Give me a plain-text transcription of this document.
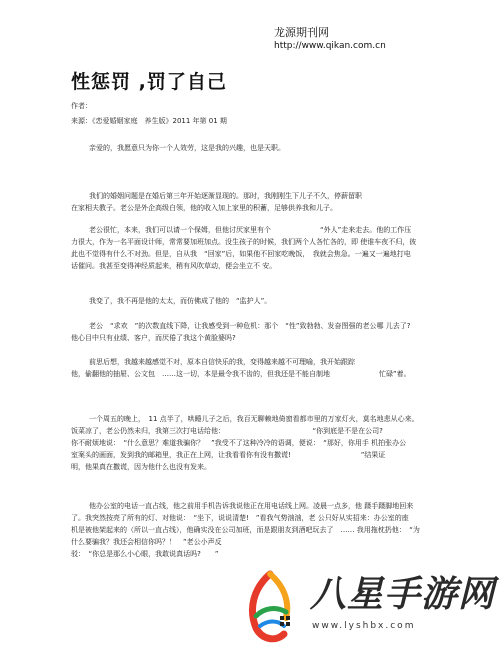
龙源期刊网
http://www.qikan.com.cn
性惩罚 ,罚了自己
作者：
来源：《恋爱婚姻家庭　养生版》2011 年第 01 期
亲爱的，我愿意只为你一个人效劳，这是我的兴趣，也是天职。
我们的婚姻问题是在婚后第三年开始逐渐显现的。那时，我刚刚生下儿子不久，停薪留职
在家相夫教子。老公是外企高级白领，他的收入加上家里的积蓄，足够供养我和儿子。
老公很忙，本来，我们可以请一个保姆，但他讨厌家里有个　　　　　　　“外人”走来走去。他的工作压
力很大，作为一名平面设计师，常常要加班加点。没生孩子的时候，我们两个人各忙各的，即 使谁车夜不归，彼
此也不觉得有什么不对劲。但是，自从我　“回家”后，如果他不回家吃晚饭，　我就会焦急。一遍又一遍地打电
话催问。我甚至变得神经质起来，稍有风吹草动，便会坐立不 安。
我变了，我不再是他的太太，而仿佛成了他的　“监护人”。
老公　“求欢　”的次数直线下降，让我感受到一种危机：那个　“性”致勃勃、发奋图强的老公哪 儿去了?
他心目中只有业绩、客户，而厌倦了我这个黄脸婆吗?
前思后想，我越来越感觉不对，原本自信快乐的我，变得越来越不可理喻，我开始跟踪
他，偷翻他的抽屉、公文包　……这一切，本是最令我不齿的，但我还是不能自制地　　　　　　　忙碌”着。
一个周五的晚上，　11 点半了，哄睡儿子之后，我百无聊赖地倚窗看都市里的万家灯火，莫名地悲从心来。
饭菜凉了，老公仍然未归，我第三次打电话给他：　　　　　　　　　　　　　“你到底是不是在公司?
你不耐烦地说：　“什么意思？难道我骗你？　”我受不了这种冷冷的语调，便说：　“那好，你用手 机拍张办公
室案头的画面，发到我的邮箱里，我正在上网，让我看看你有没有撒谎!　　　　　　　　　　”结果证
明，他果真在撒谎，因为他什么也没有发来。
他办公室的电话一直占线，他之前用手机告诉我说他正在用电话线上网。凌晨一点多，他 蹑手蹑脚地回来
了。我突然按亮了所有的灯、对他说：　“坐下，说说清楚!　”看我气势汹汹，老 公只好从实招来：办公室的座
机是被他架起来的（所以一直占线），他确实没在公司加班，而是跟朋友到酒吧玩去了　…… 我用拖枕扔他：　“为
什么要骗我？我还会相信你吗？！　”老公小声反
驳：　“你总是那么小心眼，我敢说真话吗?　　”
八星手游网
www.lyshbx.com
